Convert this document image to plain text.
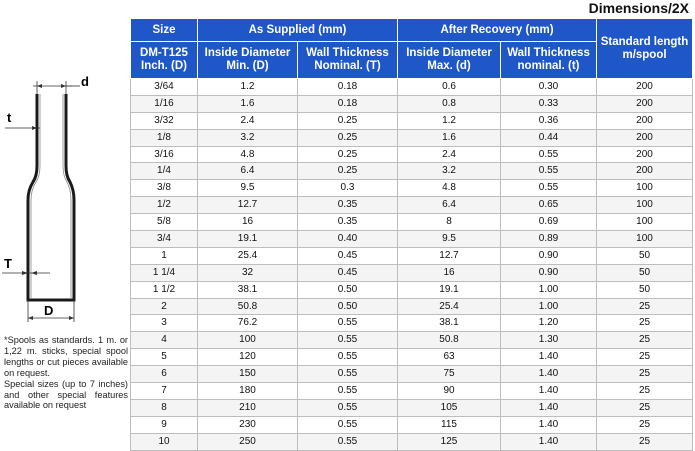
Dimensions/2X
d
t
T
D

*Spools as standards. 1 m. or 1,22 m. sticks, special spool lengths or cut pieces available on request.

Special sizes (up to 7 inches) and other special features available on request

Size	As Supplied (mm)		After Recovery (mm)		Standard length m/spool
DM-T125 Inch. (D)	Inside Diameter Min. (D)	Wall Thickness Nominal. (T)	Inside Diameter Max. (d)	Wall Thickness nominal. (t)	
3/64	1.2	0.18	0.6	0.30	200
1/16	1.6	0.18	0.8	0.33	200
3/32	2.4	0.25	1.2	0.36	200
1/8	3.2	0.25	1.6	0.44	200
3/16	4.8	0.25	2.4	0.55	200
1/4	6.4	0.25	3.2	0.55	200
3/8	9.5	0.3	4.8	0.55	100
1/2	12.7	0.35	6.4	0.65	100
5/8	16	0.35	8	0.69	100
3/4	19.1	0.40	9.5	0.89	100
1	25.4	0.45	12.7	0.90	50
1 1/4	32	0.45	16	0.90	50
1 1/2	38.1	0.50	19.1	1.00	50
2	50.8	0.50	25.4	1.00	25
3	76.2	0.55	38.1	1.20	25
4	100	0.55	50.8	1.30	25
5	120	0.55	63	1.40	25
6	150	0.55	75	1.40	25
7	180	0.55	90	1.40	25
8	210	0.55	105	1.40	25
9	230	0.55	115	1.40	25
10	250	0.55	125	1.40	25
